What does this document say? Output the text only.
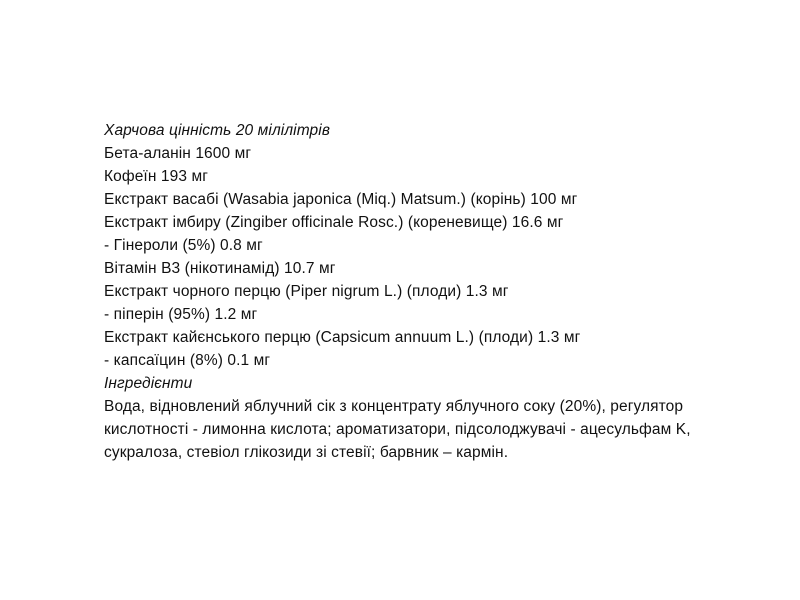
Харчова цінність 20 мілілітрів
Бета-аланін 1600 мг
Кофеїн 193 мг
Екстракт васабі (Wasabia japonica (Miq.) Matsum.) (корінь) 100 мг
Екстракт імбиру (Zingiber officinale Rosc.) (кореневище) 16.6 мг
- Гінероли (5%) 0.8 мг
Вітамін B3 (нікотинамід) 10.7 мг
Екстракт чорного перцю (Piper nigrum L.) (плоди) 1.3 мг
- піперін (95%) 1.2 мг
Екстракт кайєнського перцю (Capsicum annuum L.) (плоди) 1.3 мг
- капсаїцин (8%) 0.1 мг
Інгредієнти
Вода, відновлений яблучний сік з концентрату яблучного соку (20%), регулятор кислотності - лимонна кислота; ароматизатори, підсолоджувачі - ацесульфам K, сукралоза, стевіол глікозиди зі стевії; барвник – кармін.
